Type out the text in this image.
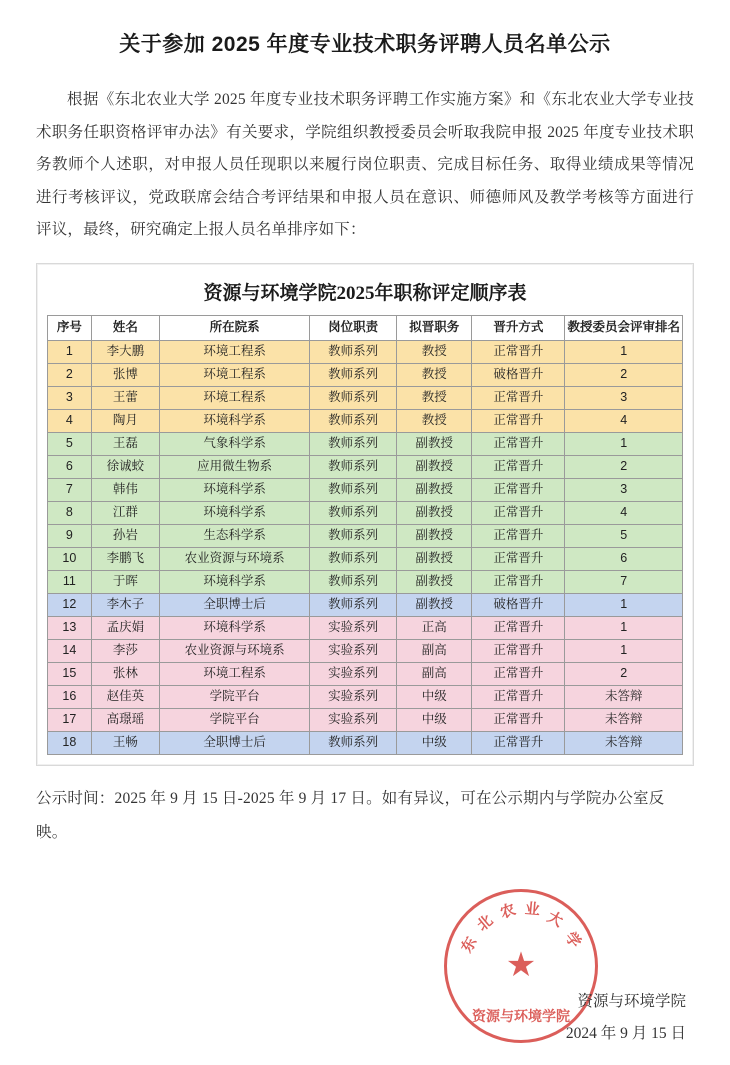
关于参加 2025 年度专业技术职务评聘人员名单公示

根据《东北农业大学 2025 年度专业技术职务评聘工作实施方案》和《东北农业大学专业技术职务任职资格评审办法》有关要求，学院组织教授委员会听取我院申报 2025 年度专业技术职务教师个人述职，对申报人员任现职以来履行岗位职责、完成目标任务、取得业绩成果等情况进行考核评议，党政联席会结合考评结果和申报人员在意识、师德师风及教学考核等方面进行评议，最终，研究确定上报人员名单排序如下：

资源与环境学院2025年职称评定顺序表
序号	姓名	所在院系	岗位职责	拟晋职务	晋升方式	教授委员会评审排名
1	李大鹏	环境工程系	教师系列	教授	正常晋升	1
2	张博	环境工程系	教师系列	教授	破格晋升	2
3	王蕾	环境工程系	教师系列	教授	正常晋升	3
4	陶月	环境科学系	教师系列	教授	正常晋升	4
5	王磊	气象科学系	教师系列	副教授	正常晋升	1
6	徐诚蛟	应用微生物系	教师系列	副教授	正常晋升	2
7	韩伟	环境科学系	教师系列	副教授	正常晋升	3
8	江群	环境科学系	教师系列	副教授	正常晋升	4
9	孙岩	生态科学系	教师系列	副教授	正常晋升	5
10	李鹏飞	农业资源与环境系	教师系列	副教授	正常晋升	6
11	于晖	环境科学系	教师系列	副教授	正常晋升	7
12	李木子	全职博士后	教师系列	副教授	破格晋升	1
13	孟庆娟	环境科学系	实验系列	正高	正常晋升	1
14	李莎	农业资源与环境系	实验系列	副高	正常晋升	1
15	张林	环境工程系	实验系列	副高	正常晋升	2
16	赵佳英	学院平台	实验系列	中级	正常晋升	未答辩
17	高璟瑶	学院平台	实验系列	中级	正常晋升	未答辩
18	王畅	全职博士后	教师系列	中级	正常晋升	未答辩

公示时间：2025 年 9 月 15 日-2025 年 9 月 17 日。如有异议，可在公示期内与学院办公室反映。

东
北
农 业 大
学
★
资源与环境学院
资源与环境学院
2024 年 9 月 15 日
